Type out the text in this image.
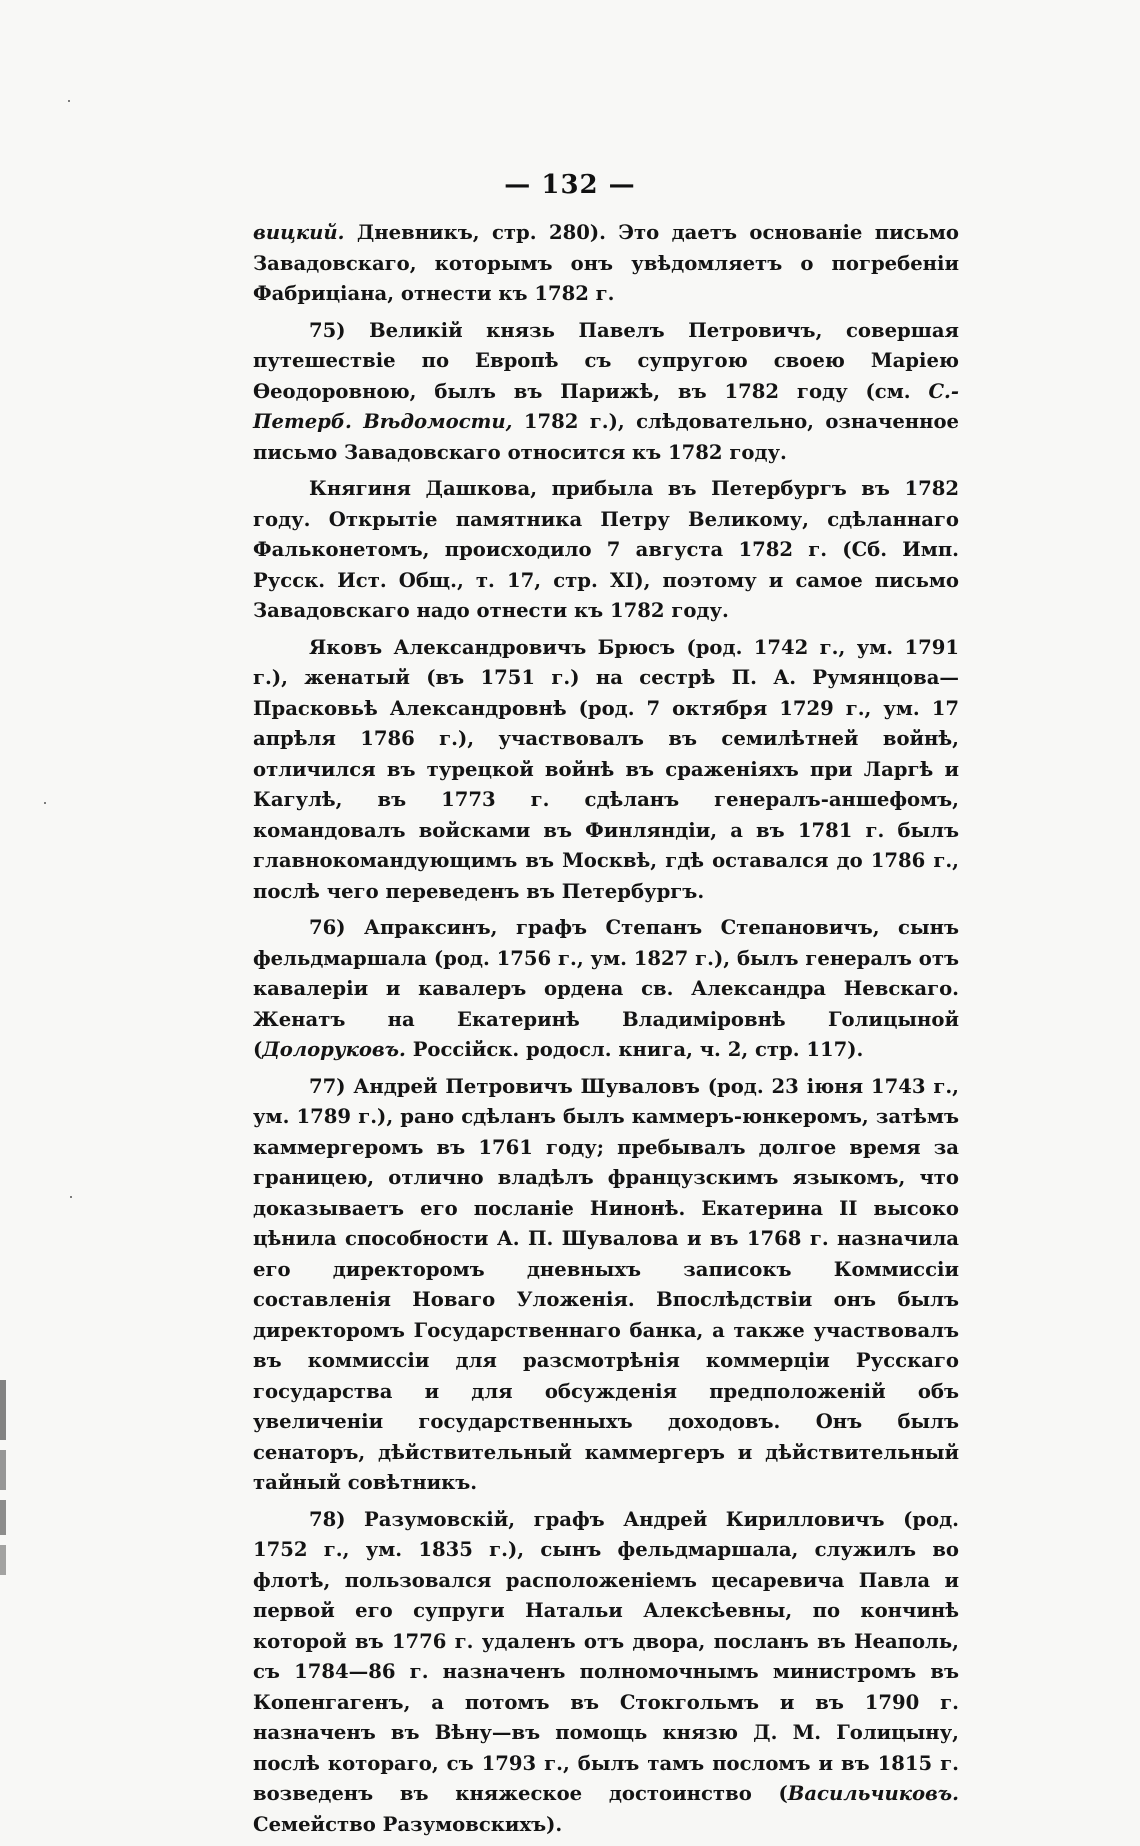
— 132 —

вицкий. Дневникъ, стр. 280). Это даетъ основаніе письмо Завадовскаго, которымъ онъ увѣдомляетъ о погребеніи Фабриціана, отнести къ 1782 г.

75) Великій князь Павелъ Петровичъ, совершая путешествіе по Европѣ съ супругою своею Маріею Ѳеодоровною, былъ въ Парижѣ, въ 1782 году (см. С.-Петерб. Вѣдомости, 1782 г.), слѣдовательно, означенное письмо Завадовскаго относится къ 1782 году.

Княгиня Дашкова, прибыла въ Петербургъ въ 1782 году. Открытіе памятника Петру Великому, сдѣланнаго Фальконетомъ, происходило 7 августа 1782 г. (Сб. Имп. Русск. Ист. Общ., т. 17, стр. XI), поэтому и самое письмо Завадовскаго надо отнести къ 1782 году.

Яковъ Александровичъ Брюсъ (род. 1742 г., ум. 1791 г.), женатый (въ 1751 г.) на сестрѣ П. А. Румянцова—Прасковьѣ Александровнѣ (род. 7 октября 1729 г., ум. 17 апрѣля 1786 г.), участвовалъ въ семилѣтней войнѣ, отличился въ турецкой войнѣ въ сраженіяхъ при Ларгѣ и Кагулѣ, въ 1773 г. сдѣланъ генералъ-аншефомъ, командовалъ войсками въ Финляндіи, а въ 1781 г. былъ главнокомандующимъ въ Москвѣ, гдѣ оставался до 1786 г., послѣ чего переведенъ въ Петербургъ.

76) Апраксинъ, графъ Степанъ Степановичъ, сынъ фельдмаршала (род. 1756 г., ум. 1827 г.), былъ генералъ отъ кавалеріи и кавалеръ ордена св. Александра Невскаго. Женатъ на Екатеринѣ Владиміровнѣ Голицыной (Долоруковъ. Россійск. родосл. книга, ч. 2, стр. 117).

77) Андрей Петровичъ Шуваловъ (род. 23 іюня 1743 г., ум. 1789 г.), рано сдѣланъ былъ каммеръ-юнкеромъ, затѣмъ каммергеромъ въ 1761 году; пребывалъ долгое время за границею, отлично владѣлъ французскимъ языкомъ, что доказываетъ его посланіе Нинонѣ. Екатерина II высоко цѣнила способности А. П. Шувалова и въ 1768 г. назначила его директоромъ дневныхъ записокъ Коммиссіи составленія Новаго Уложенія. Впослѣдствіи онъ былъ директоромъ Государственнаго банка, а также участвовалъ въ коммиссіи для разсмотрѣнія коммерціи Русскаго государства и для обсужденія предположеній объ увеличеніи государственныхъ доходовъ. Онъ былъ сенаторъ, дѣйствительный каммергеръ и дѣйствительный тайный совѣтникъ.

78) Разумовскій, графъ Андрей Кирилловичъ (род. 1752 г., ум. 1835 г.), сынъ фельдмаршала, служилъ во флотѣ, пользовался расположеніемъ цесаревича Павла и первой его супруги Натальи Алексѣевны, по кончинѣ которой въ 1776 г. удаленъ отъ двора, посланъ въ Неаполь, съ 1784—86 г. назначенъ полномочнымъ министромъ въ Копенгагенъ, а потомъ въ Стокгольмъ и въ 1790 г. назначенъ въ Вѣну—въ помощь князю Д. М. Голицыну, послѣ котораго, съ 1793 г., былъ тамъ посломъ и въ 1815 г. возведенъ въ княжеское достоинство (Васильчиковъ. Семейство Разумовскихъ).
